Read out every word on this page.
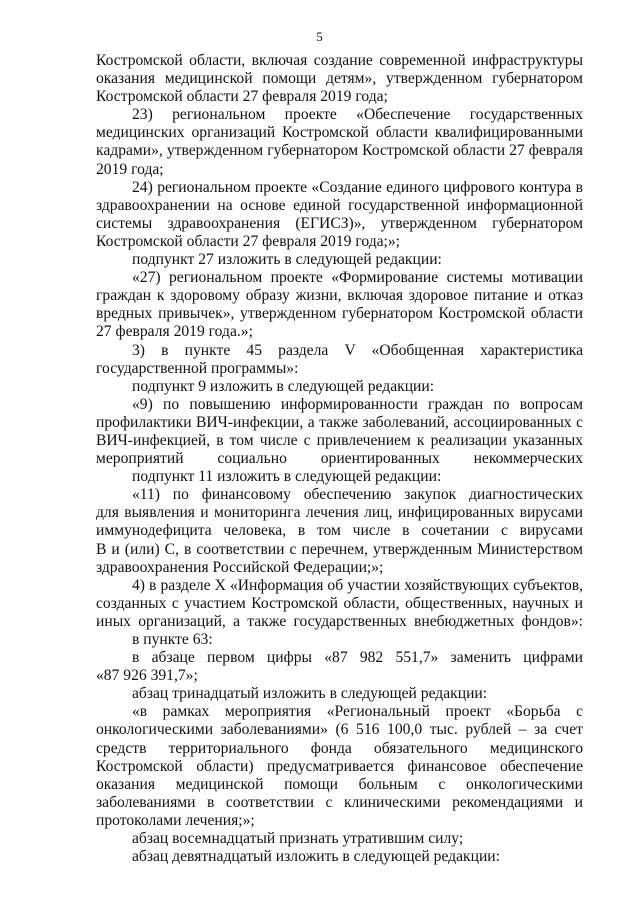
5
Костромской области, включая создание современной инфраструктуры
оказания медицинской помощи детям», утвержденном губернатором
Костромской области 27 февраля 2019 года;
23) региональном проекте «Обеспечение государственных
медицинских организаций Костромской области квалифицированными
кадрами», утвержденном губернатором Костромской области 27 февраля
2019 года;
24) региональном проекте «Создание единого цифрового контура в
здравоохранении на основе единой государственной информационной
системы здравоохранения (ЕГИСЗ)», утвержденном губернатором
Костромской области 27 февраля 2019 года;»;
подпункт 27 изложить в следующей редакции:
«27) региональном проекте «Формирование системы мотивации
граждан к здоровому образу жизни, включая здоровое питание и отказ
вредных привычек», утвержденном губернатором Костромской области
27 февраля 2019 года.»;
3) в пункте 45 раздела V «Обобщенная характеристика
государственной программы»:
подпункт 9 изложить в следующей редакции:
«9) по повышению информированности граждан по вопросам
профилактики ВИЧ-инфекции, а также заболеваний, ассоциированных с
ВИЧ-инфекцией, в том числе с привлечением к реализации указанных
мероприятий социально ориентированных некоммерческих
подпункт 11 изложить в следующей редакции:
«11) по финансовому обеспечению закупок диагностических
для выявления и мониторинга лечения лиц, инфицированных вирусами
иммунодефицита человека, в том числе в сочетании с вирусами
В и (или) С, в соответствии с перечнем, утвержденным Министерством
здравоохранения Российской Федерации;»;
4) в разделе X «Информация об участии хозяйствующих субъектов,
созданных с участием Костромской области, общественных, научных и
иных организаций, а также государственных внебюджетных фондов»:
в пункте 63:
в абзаце первом цифры «87 982 551,7» заменить цифрами
«87 926 391,7»;
абзац тринадцатый изложить в следующей редакции:
«в рамках мероприятия «Региональный проект «Борьба с
онкологическими заболеваниями» (6 516 100,0 тыс. рублей – за счет
средств территориального фонда обязательного медицинского
Костромской области) предусматривается финансовое обеспечение
оказания медицинской помощи больным с онкологическими
заболеваниями в соответствии с клиническими рекомендациями и
протоколами лечения;»;
абзац восемнадцатый признать утратившим силу;
абзац девятнадцатый изложить в следующей редакции:
